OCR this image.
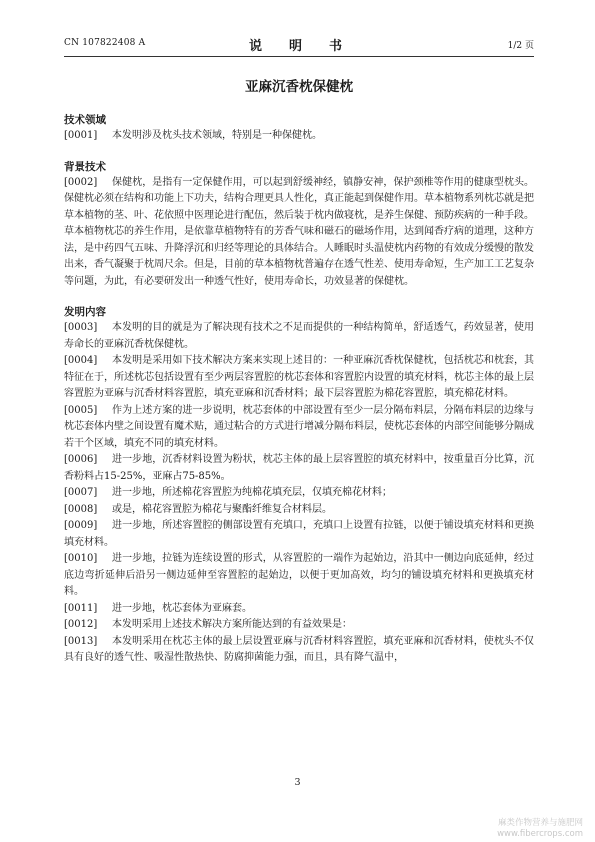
CN 107822408 A	说　明　书	1/2 页
亚麻沉香枕保健枕
技术领域

[0001] 本发明涉及枕头技术领域，特别是一种保健枕。

背景技术

[0002] 保健枕，是指有一定保健作用，可以起到舒缓神经，镇静安神，保护颈椎等作用的健康型枕头。保健枕必须在结构和功能上下功夫，结构合理更具人性化，真正能起到保健作用。草本植物系列枕芯就是把草本植物的茎、叶、花依照中医理论进行配伍，然后装于枕内做寝枕，是养生保健、预防疾病的一种手段。草本植物枕芯的养生作用，是依靠草植物特有的芳香气味和磁石的磁场作用，达到闻香疗病的道理，这种方法，是中药四气五味、升降浮沉和归经等理论的具体结合。人睡眠时头温使枕内药物的有效成分缓慢的散发出来，香气凝聚于枕周尺余。但是，目前的草本植物枕普遍存在透气性差、使用寿命短，生产加工工艺复杂等问题，为此，有必要研发出一种透气性好，使用寿命长，功效显著的保健枕。

发明内容

[0003] 本发明的目的就是为了解决现有技术之不足而提供的一种结构简单，舒适透气，药效显著，使用寿命长的亚麻沉香枕保健枕。

[0004] 本发明是采用如下技术解决方案来实现上述目的：一种亚麻沉香枕保健枕，包括枕芯和枕套，其特征在于，所述枕芯包括设置有至少两层容置腔的枕芯套体和容置腔内设置的填充材料，枕芯主体的最上层容置腔为亚麻与沉香材料容置腔，填充亚麻和沉香材料；最下层容置腔为棉花容置腔，填充棉花材料。

[0005] 作为上述方案的进一步说明，枕芯套体的中部设置有至少一层分隔布料层，分隔布料层的边缘与枕芯套体内壁之间设置有魔术贴，通过粘合的方式进行增减分隔布料层，使枕芯套体的内部空间能够分隔成若干个区域，填充不同的填充材料。

[0006] 进一步地，沉香材料设置为粉状，枕芯主体的最上层容置腔的填充材料中，按重量百分比算，沉香粉料占15-25%，亚麻占75-85%。

[0007] 进一步地，所述棉花容置腔为纯棉花填充层，仅填充棉花材料；

[0008] 或是，棉花容置腔为棉花与聚酯纤维复合材料层。

[0009] 进一步地，所述容置腔的侧部设置有充填口，充填口上设置有拉链，以便于铺设填充材料和更换填充材料。

[0010] 进一步地，拉链为连续设置的形式，从容置腔的一端作为起始边，沿其中一侧边向底延伸，经过底边弯折延伸后沿另一侧边延伸至容置腔的起始边，以便于更加高效，均匀的铺设填充材料和更换填充材料。

[0011] 进一步地，枕芯套体为亚麻套。

[0012] 本发明采用上述技术解决方案所能达到的有益效果是：

[0013] 本发明采用在枕芯主体的最上层设置亚麻与沉香材料容置腔，填充亚麻和沉香材料，使枕头不仅具有良好的透气性、吸湿性散热快、防腐抑菌能力强，而且，具有降气温中，

3
麻类作物营养与施肥网
www.fibercrops.com
